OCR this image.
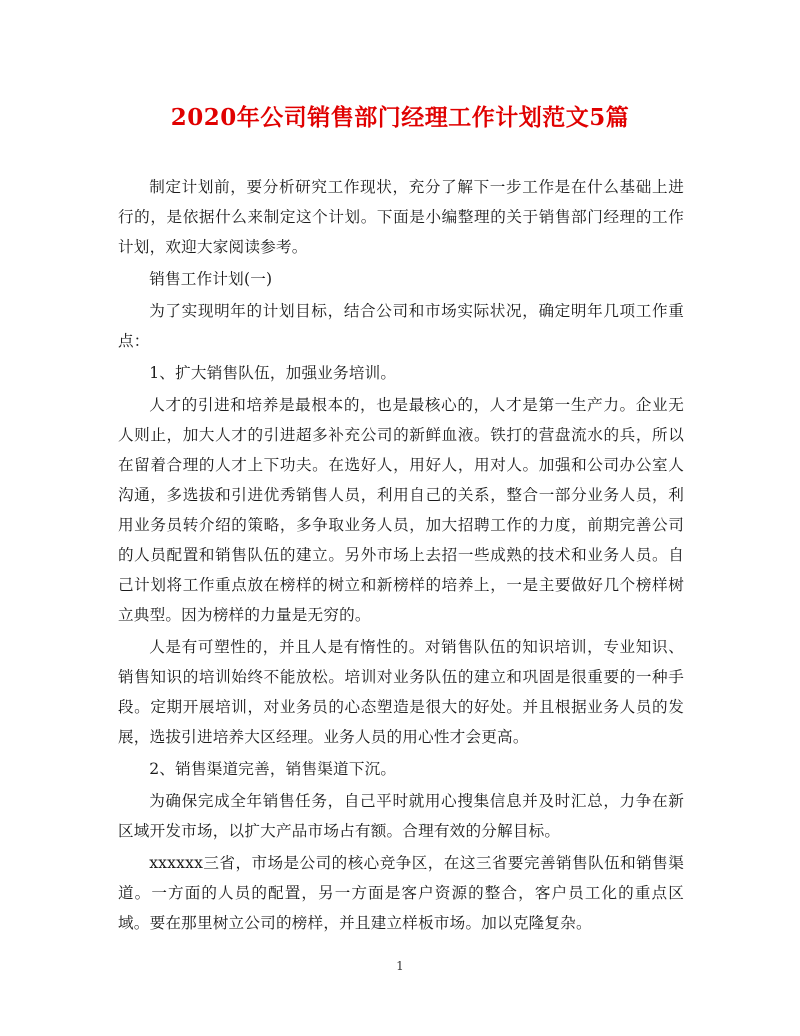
2020年公司销售部门经理工作计划范文5篇

制定计划前，要分析研究工作现状，充分了解下一步工作是在什么基础上进行的，是依据什么来制定这个计划。下面是小编整理的关于销售部门经理的工作计划，欢迎大家阅读参考。

销售工作计划(一)

为了实现明年的计划目标，结合公司和市场实际状况，确定明年几项工作重点：

1、扩大销售队伍，加强业务培训。

人才的引进和培养是最根本的，也是最核心的，人才是第一生产力。企业无人则止，加大人才的引进超多补充公司的新鲜血液。铁打的营盘流水的兵，所以在留着合理的人才上下功夫。在选好人，用好人，用对人。加强和公司办公室人沟通，多选拔和引进优秀销售人员，利用自己的关系，整合一部分业务人员，利用业务员转介绍的策略，多争取业务人员，加大招聘工作的力度，前期完善公司的人员配置和销售队伍的建立。另外市场上去招一些成熟的技术和业务人员。自己计划将工作重点放在榜样的树立和新榜样的培养上，一是主要做好几个榜样树立典型。因为榜样的力量是无穷的。

人是有可塑性的，并且人是有惰性的。对销售队伍的知识培训，专业知识、销售知识的培训始终不能放松。培训对业务队伍的建立和巩固是很重要的一种手段。定期开展培训，对业务员的心态塑造是很大的好处。并且根据业务人员的发展，选拔引进培养大区经理。业务人员的用心性才会更高。

2、销售渠道完善，销售渠道下沉。

为确保完成全年销售任务，自己平时就用心搜集信息并及时汇总，力争在新区域开发市场，以扩大产品市场占有额。合理有效的分解目标。

xxxxxx三省，市场是公司的核心竞争区，在这三省要完善销售队伍和销售渠道。一方面的人员的配置，另一方面是客户资源的整合，客户员工化的重点区域。要在那里树立公司的榜样，并且建立样板市场。加以克隆复杂。

1
